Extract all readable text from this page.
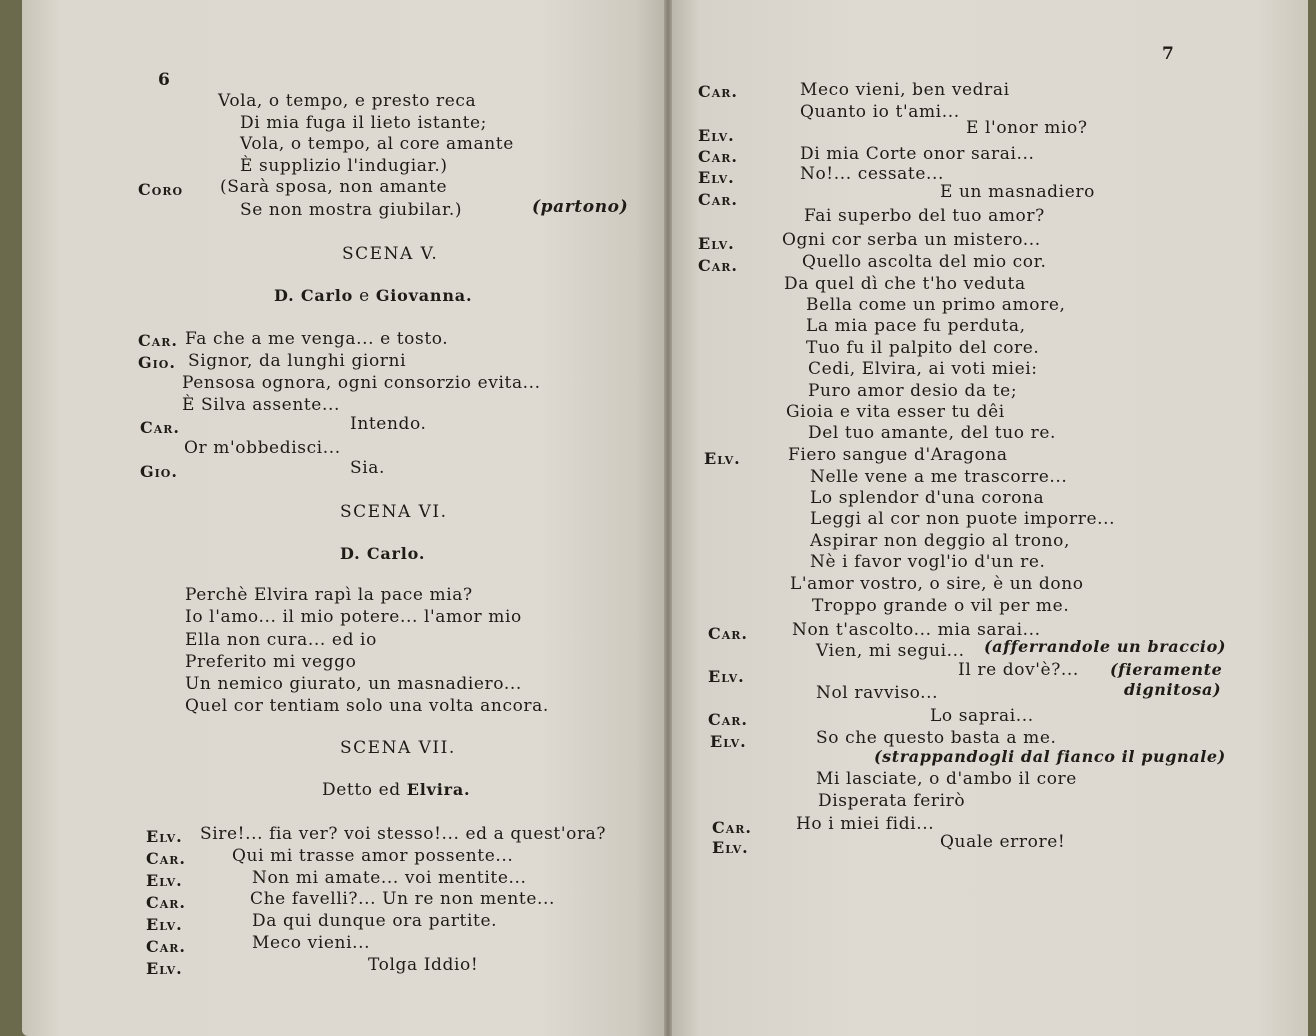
6
Vola, o tempo, e presto reca
Di mia fuga il lieto istante;
Vola, o tempo, al core amante
È supplizio l'indugiar.)
Coro (Sarà sposa, non amante
Se non mostra giubilar.)	(partono)
SCENA V.
D. Carlo e Giovanna.
Car. Fa che a me venga... e tosto.
Gio. Signor, da lunghi giorni
Pensosa ognora, ogni consorzio evita...
È Silva assente...
Car.	Intendo.
Or m'obbedisci...
Gio.	Sia.
SCENA VI.
D. Carlo.
Perchè Elvira rapì la pace mia?
Io l'amo... il mio potere... l'amor mio
Ella non cura... ed io
Preferito mi veggo
Un nemico giurato, un masnadiero...
Quel cor tentiam solo una volta ancora.
SCENA VII.
Detto ed Elvira.
Elv. Sire!... fia ver? voi stesso!... ed a quest'ora?
Car.	Qui mi trasse amor possente...
Elv.	Non mi amate... voi mentite...
Car.	Che favelli?... Un re non mente...
Elv.	Da qui dunque ora partite.
Car.	Meco vieni...
Elv.	Tolga Iddio!
7
Car.	Meco vieni, ben vedrai
Quanto io t'ami...
Elv.	E l'onor mio?
Car.	Di mia Corte onor sarai...
Elv.	No!... cessate...
Car.	E un masnadiero
Fai superbo del tuo amor?
Elv.	Ogni cor serba un mistero...
Car.	Quello ascolta del mio cor.
Da quel dì che t'ho veduta
Bella come un primo amore,
La mia pace fu perduta,
Tuo fu il palpito del core.
Cedi, Elvira, ai voti miei:
Puro amor desio da te;
Gioia e vita esser tu dêi
Del tuo amante, del tuo re.
Elv.	Fiero sangue d'Aragona
Nelle vene a me trascorre...
Lo splendor d'una corona
Leggi al cor non puote imporre...
Aspirar non deggio al trono,
Nè i favor vogl'io d'un re.
L'amor vostro, o sire, è un dono
Troppo grande o vil per me.
Car.	Non t'ascolto... mia sarai...
Vien, mi segui... (afferrandole un braccio)
Elv.	Il re dov'è?... (fieramente
Nol ravviso...	dignitosa)
Car.	Lo saprai...
Elv.	So che questo basta a me.
(strappandogli dal fianco il pugnale)
Mi lasciate, o d'ambo il core
Disperata ferirò
Car.	Ho i miei fidi...
Elv.	Quale errore!
